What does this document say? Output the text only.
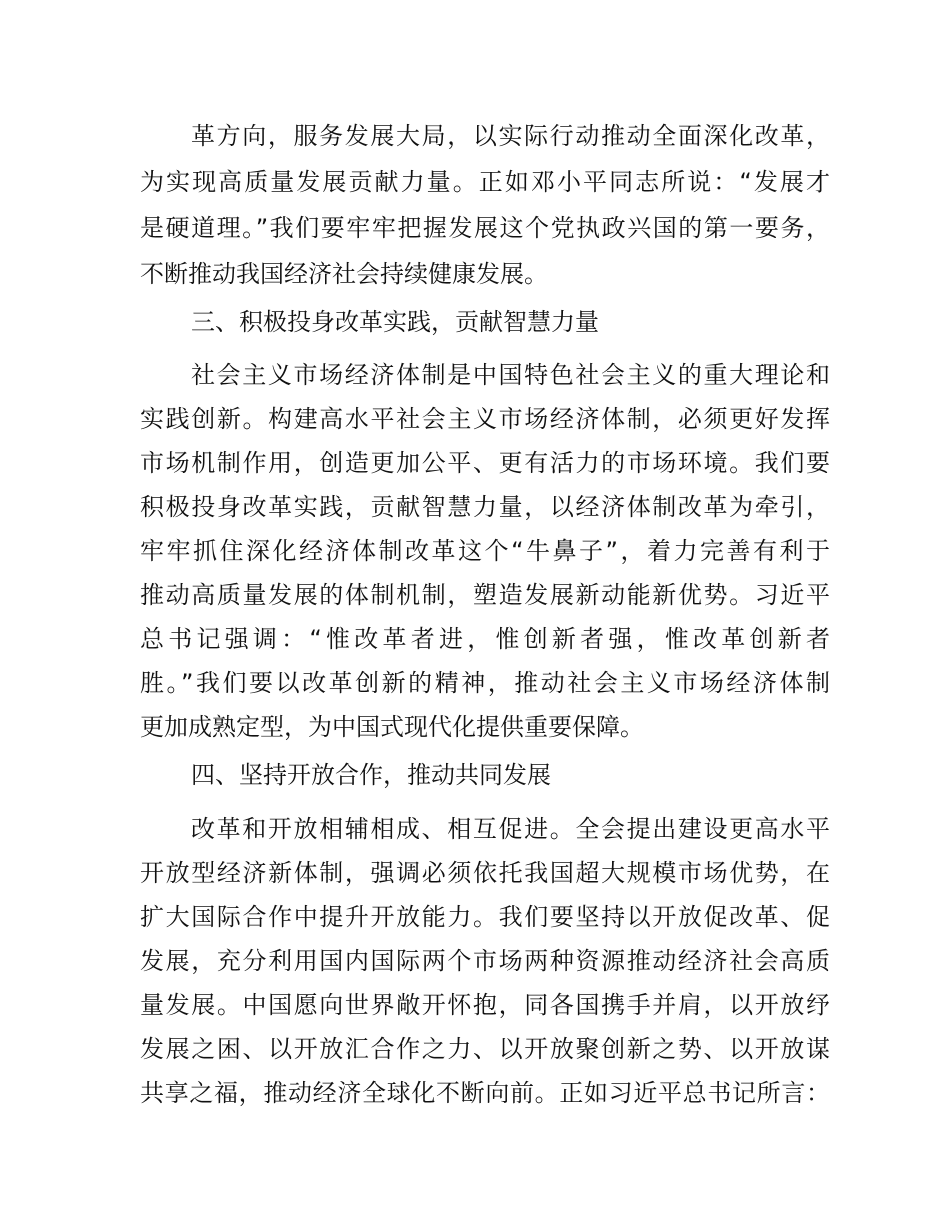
革方向，服务发展大局，以实际行动推动全面深化改革，
为实现高质量发展贡献力量。正如邓小平同志所说：“发展才
是硬道理。”我们要牢牢把握发展这个党执政兴国的第一要务，
不断推动我国经济社会持续健康发展。
三、积极投身改革实践，贡献智慧力量
社会主义市场经济体制是中国特色社会主义的重大理论和
实践创新。构建高水平社会主义市场经济体制，必须更好发挥
市场机制作用，创造更加公平、更有活力的市场环境。我们要
积极投身改革实践，贡献智慧力量，以经济体制改革为牵引，
牢牢抓住深化经济体制改革这个“牛鼻子”，着力完善有利于
推动高质量发展的体制机制，塑造发展新动能新优势。习近平
总书记强调：“惟改革者进，惟创新者强，惟改革创新者
胜。”我们要以改革创新的精神，推动社会主义市场经济体制
更加成熟定型，为中国式现代化提供重要保障。
四、坚持开放合作，推动共同发展
改革和开放相辅相成、相互促进。全会提出建设更高水平
开放型经济新体制，强调必须依托我国超大规模市场优势，在
扩大国际合作中提升开放能力。我们要坚持以开放促改革、促
发展，充分利用国内国际两个市场两种资源推动经济社会高质
量发展。中国愿向世界敞开怀抱，同各国携手并肩，以开放纾
发展之困、以开放汇合作之力、以开放聚创新之势、以开放谋
共享之福，推动经济全球化不断向前。正如习近平总书记所言：
